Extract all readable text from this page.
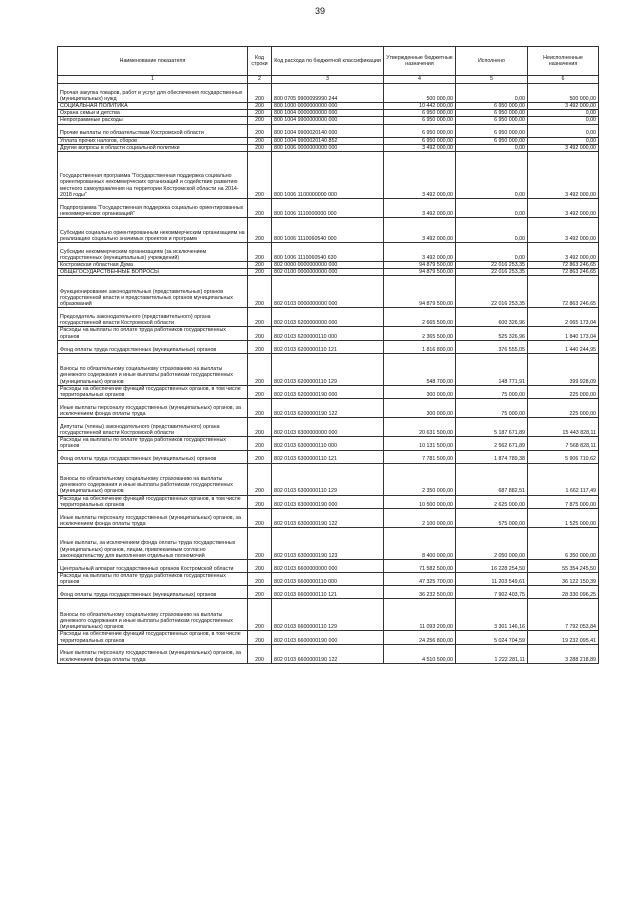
39
Наименование показателя	Код строки	Код расхода по бюджетной классификации	Утвержденные бюджетные назначения	Исполнено	Неисполненные назначения
1	2	3	4	5	6
Прочая закупка товаров, работ и услуг для обеспечения государственных (муниципальных) нужд	200	800 0705 9900099990 244	500 000,00	0,00	500 000,00
СОЦИАЛЬНАЯ ПОЛИТИКА	200	800 1000 0000000000 000	10 442 000,00	6 950 000,00	3 492 000,00
Охрана семьи и детства	200	800 1004 0000000000 000	6 950 000,00	6 950 000,00	0,00
Непрограммные расходы	200	800 1004 9900000000 000	6 950 000,00	6 950 000,00	0,00
Прочие выплаты по обязательствам Костромской области	200	800 1004 9900020140 000	6 950 000,00	6 950 000,00	0,00
Уплата прочих налогов, сборов	200	800 1004 9900020140 852	6 950 000,00	6 950 000,00	0,00
Другие вопросы в области социальной политики	200	800 1006 0000000000 000	3 492 000,00	0,00	3 492 000,00
Государственная программа "Государственная поддержка социально ориентированных некоммерческих организаций и содействие развитию местного самоуправления на территории Костромской области на 2014-2018 годы"	200	800 1006 1100000000 000	3 492 000,00	0,00	3 492 000,00
Подпрограмма "Государственная поддержка социально ориентированных некоммерческих организаций"	200	800 1006 1110000000 000	3 492 000,00	0,00	3 492 000,00
Субсидии социально ориентированным некоммерческим организациям на реализацию социально значимых проектов и программ	200	800 1006 1110060540 000	3 492 000,00	0,00	3 492 000,00
Субсидии некоммерческим организациям (за исключением государственных (муниципальных) учреждений)	200	800 1006 1110060540 630	3 492 000,00	0,00	3 492 000,00
Костромская областная Дума	200	802 0000 0000000000 000	94 879 500,00	22 016 253,35	72 863 246,65
ОБЩЕГОСУДАРСТВЕННЫЕ ВОПРОСЫ	200	802 0100 0000000000 000	94 879 500,00	22 016 253,35	72 863 246,65
Функционирование законодательных (представительных) органов государственной власти и представительных органов муниципальных образований	200	802 0103 0000000000 000	94 879 500,00	22 016 253,35	72 863 246,65
Председатель законодательного (представительного) органа государственной власти Костромской области	200	802 0103 6200000000 000	2 665 500,00	600 326,96	2 065 173,04
Расходы на выплаты по оплате труда работников государственных органов	200	802 0103 6200000110 000	2 365 500,00	525 326,96	1 840 173,04
Фонд оплаты труда государственных (муниципальных) органов	200	802 0103 6200000110 121	1 816 800,00	376 555,05	1 440 244,95
Взносы по обязательному социальному страхованию на выплаты денежного содержания и иные выплаты работникам государственных (муниципальных) органов	200	802 0103 6200000110 129	548 700,00	148 771,91	399 928,09
Расходы на обеспечение функций государственных органов, в том числе территориальных органов	200	802 0103 6200000190 000	300 000,00	75 000,00	225 000,00
Иные выплаты персоналу государственных (муниципальных) органов, за исключением фонда оплаты труда	200	802 0103 6200000190 122	300 000,00	75 000,00	225 000,00
Депутаты (члены) законодательного (представительного) органа государственной власти Костромской области	200	802 0103 6300000000 000	20 631 500,00	5 187 671,89	15 443 828,11
Расходы на выплаты по оплате труда работников государственных органов	200	802 0103 6300000110 000	10 131 500,00	2 562 671,89	7 568 828,11
Фонд оплаты труда государственных (муниципальных) органов	200	802 0103 6300000110 121	7 781 500,00	1 874 789,38	5 906 710,62
Взносы по обязательному социальному страхованию на выплаты денежного содержания и иные выплаты работникам государственных (муниципальных) органов	200	802 0103 6300000110 129	2 350 000,00	687 882,51	1 662 117,49
Расходы на обеспечение функций государственных органов, в том числе территориальных органов	200	802 0103 6300000190 000	10 500 000,00	2 625 000,00	7 875 000,00
Иные выплаты персоналу государственных (муниципальных) органов, за исключением фонда оплаты труда	200	802 0103 6300000190 122	2 100 000,00	575 000,00	1 525 000,00
Иные выплаты, за исключением фонда оплаты труда государственных (муниципальных) органов, лицам, привлекаемым согласно законодательству для выполнения отдельных полномочий	200	802 0103 6300000190 123	8 400 000,00	2 050 000,00	6 350 000,00
Центральный аппарат государственных органов Костромской области	200	802 0103 6600000000 000	71 582 500,00	16 228 254,50	55 354 245,50
Расходы на выплаты по оплате труда работников государственных органов	200	802 0103 6600000110 000	47 325 700,00	11 203 549,61	36 122 150,39
Фонд оплаты труда государственных (муниципальных) органов	200	802 0103 6600000110 121	36 232 500,00	7 902 403,75	28 330 096,25
Взносы по обязательному социальному страхованию на выплаты денежного содержания и иные выплаты работникам государственных (муниципальных) органов	200	802 0103 6600000110 129	11 093 200,00	3 301 146,16	7 792 053,84
Расходы на обеспечение функций государственных органов, в том числе территориальных органов	200	802 0103 6600000190 000	24 256 800,00	5 024 704,59	19 232 095,41
Иные выплаты персоналу государственных (муниципальных) органов, за исключением фонда оплаты труда	200	802 0103 6600000190 122	4 510 500,00	1 222 281,11	3 288 218,89
